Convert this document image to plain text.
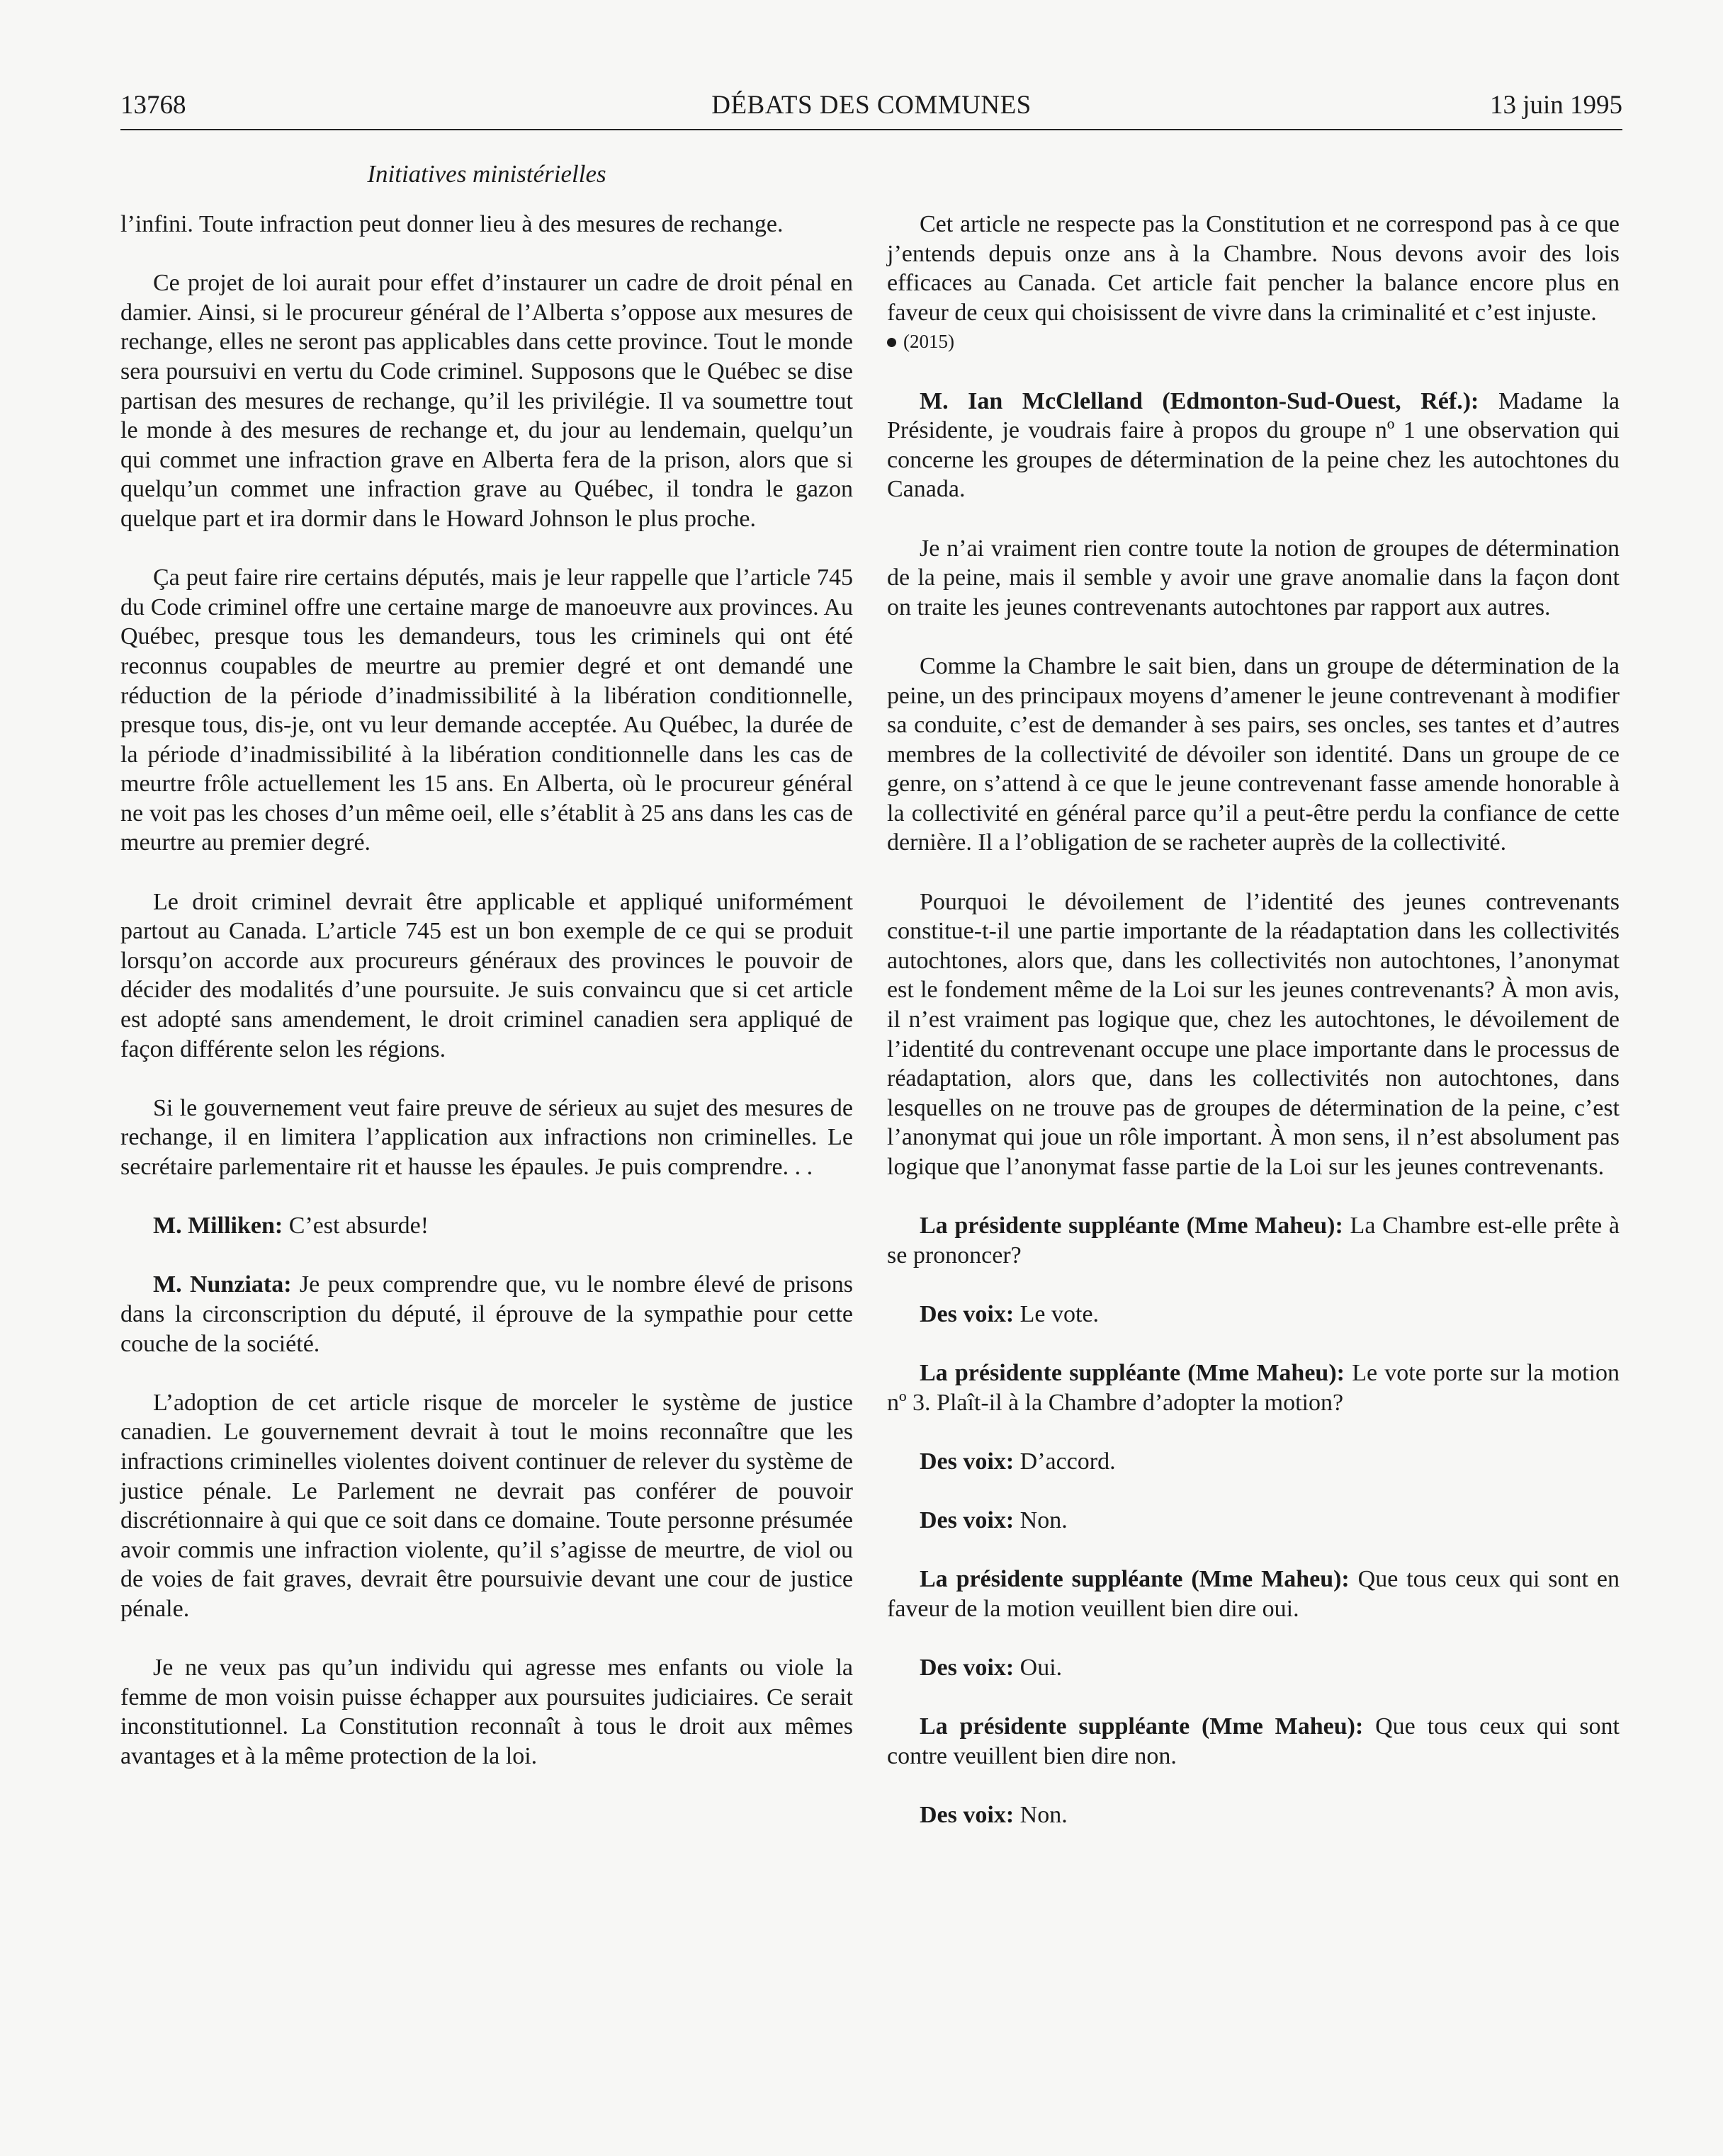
13768	DÉBATS DES COMMUNES	13 juin 1995
Initiatives ministérielles

l’infini. Toute infraction peut donner lieu à des mesures de rechange.

Ce projet de loi aurait pour effet d’instaurer un cadre de droit pénal en damier. Ainsi, si le procureur général de l’Alberta s’oppose aux mesures de rechange, elles ne seront pas applicables dans cette province. Tout le monde sera poursuivi en vertu du Code criminel. Supposons que le Québec se dise partisan des mesures de rechange, qu’il les privilégie. Il va soumettre tout le monde à des mesures de rechange et, du jour au lendemain, quelqu’un qui commet une infraction grave en Alberta fera de la prison, alors que si quelqu’un commet une infraction grave au Québec, il tondra le gazon quelque part et ira dormir dans le Howard Johnson le plus proche.

Ça peut faire rire certains députés, mais je leur rappelle que l’article 745 du Code criminel offre une certaine marge de manoeuvre aux provinces. Au Québec, presque tous les demandeurs, tous les criminels qui ont été reconnus coupables de meurtre au premier degré et ont demandé une réduction de la période d’inadmissibilité à la libération conditionnelle, presque tous, dis-je, ont vu leur demande acceptée. Au Québec, la durée de la période d’inadmissibilité à la libération conditionnelle dans les cas de meurtre frôle actuellement les 15 ans. En Alberta, où le procureur général ne voit pas les choses d’un même oeil, elle s’établit à 25 ans dans les cas de meurtre au premier degré.

Le droit criminel devrait être applicable et appliqué uniformément partout au Canada. L’article 745 est un bon exemple de ce qui se produit lorsqu’on accorde aux procureurs généraux des provinces le pouvoir de décider des modalités d’une poursuite. Je suis convaincu que si cet article est adopté sans amendement, le droit criminel canadien sera appliqué de façon différente selon les régions.

Si le gouvernement veut faire preuve de sérieux au sujet des mesures de rechange, il en limitera l’application aux infractions non criminelles. Le secrétaire parlementaire rit et hausse les épaules. Je puis comprendre. . .

M. Milliken: C’est absurde!

M. Nunziata: Je peux comprendre que, vu le nombre élevé de prisons dans la circonscription du député, il éprouve de la sympathie pour cette couche de la société.

L’adoption de cet article risque de morceler le système de justice canadien. Le gouvernement devrait à tout le moins reconnaître que les infractions criminelles violentes doivent continuer de relever du système de justice pénale. Le Parlement ne devrait pas conférer de pouvoir discrétionnaire à qui que ce soit dans ce domaine. Toute personne présumée avoir commis une infraction violente, qu’il s’agisse de meurtre, de viol ou de voies de fait graves, devrait être poursuivie devant une cour de justice pénale.

Je ne veux pas qu’un individu qui agresse mes enfants ou viole la femme de mon voisin puisse échapper aux poursuites judiciaires. Ce serait inconstitutionnel. La Constitution reconnaît à tous le droit aux mêmes avantages et à la même protection de la loi.

Cet article ne respecte pas la Constitution et ne correspond pas à ce que j’entends depuis onze ans à la Chambre. Nous devons avoir des lois efficaces au Canada. Cet article fait pencher la balance encore plus en faveur de ceux qui choisissent de vivre dans la criminalité et c’est injuste.

(2015)

M. Ian McClelland (Edmonton-Sud-Ouest, Réf.): Madame la Présidente, je voudrais faire à propos du groupe nº 1 une observation qui concerne les groupes de détermination de la peine chez les autochtones du Canada.

Je n’ai vraiment rien contre toute la notion de groupes de détermination de la peine, mais il semble y avoir une grave anomalie dans la façon dont on traite les jeunes contrevenants autochtones par rapport aux autres.

Comme la Chambre le sait bien, dans un groupe de détermination de la peine, un des principaux moyens d’amener le jeune contrevenant à modifier sa conduite, c’est de demander à ses pairs, ses oncles, ses tantes et d’autres membres de la collectivité de dévoiler son identité. Dans un groupe de ce genre, on s’attend à ce que le jeune contrevenant fasse amende honorable à la collectivité en général parce qu’il a peut-être perdu la confiance de cette dernière. Il a l’obligation de se racheter auprès de la collectivité.

Pourquoi le dévoilement de l’identité des jeunes contrevenants constitue-t-il une partie importante de la réadaptation dans les collectivités autochtones, alors que, dans les collectivités non autochtones, l’anonymat est le fondement même de la Loi sur les jeunes contrevenants? À mon avis, il n’est vraiment pas logique que, chez les autochtones, le dévoilement de l’identité du contrevenant occupe une place importante dans le processus de réadaptation, alors que, dans les collectivités non autochtones, dans lesquelles on ne trouve pas de groupes de détermination de la peine, c’est l’anonymat qui joue un rôle important. À mon sens, il n’est absolument pas logique que l’anonymat fasse partie de la Loi sur les jeunes contrevenants.

La présidente suppléante (Mme Maheu): La Chambre est-elle prête à se prononcer?

Des voix: Le vote.

La présidente suppléante (Mme Maheu): Le vote porte sur la motion nº 3. Plaît-il à la Chambre d’adopter la motion?

Des voix: D’accord.

Des voix: Non.

La présidente suppléante (Mme Maheu): Que tous ceux qui sont en faveur de la motion veuillent bien dire oui.

Des voix: Oui.

La présidente suppléante (Mme Maheu): Que tous ceux qui sont contre veuillent bien dire non.

Des voix: Non.
